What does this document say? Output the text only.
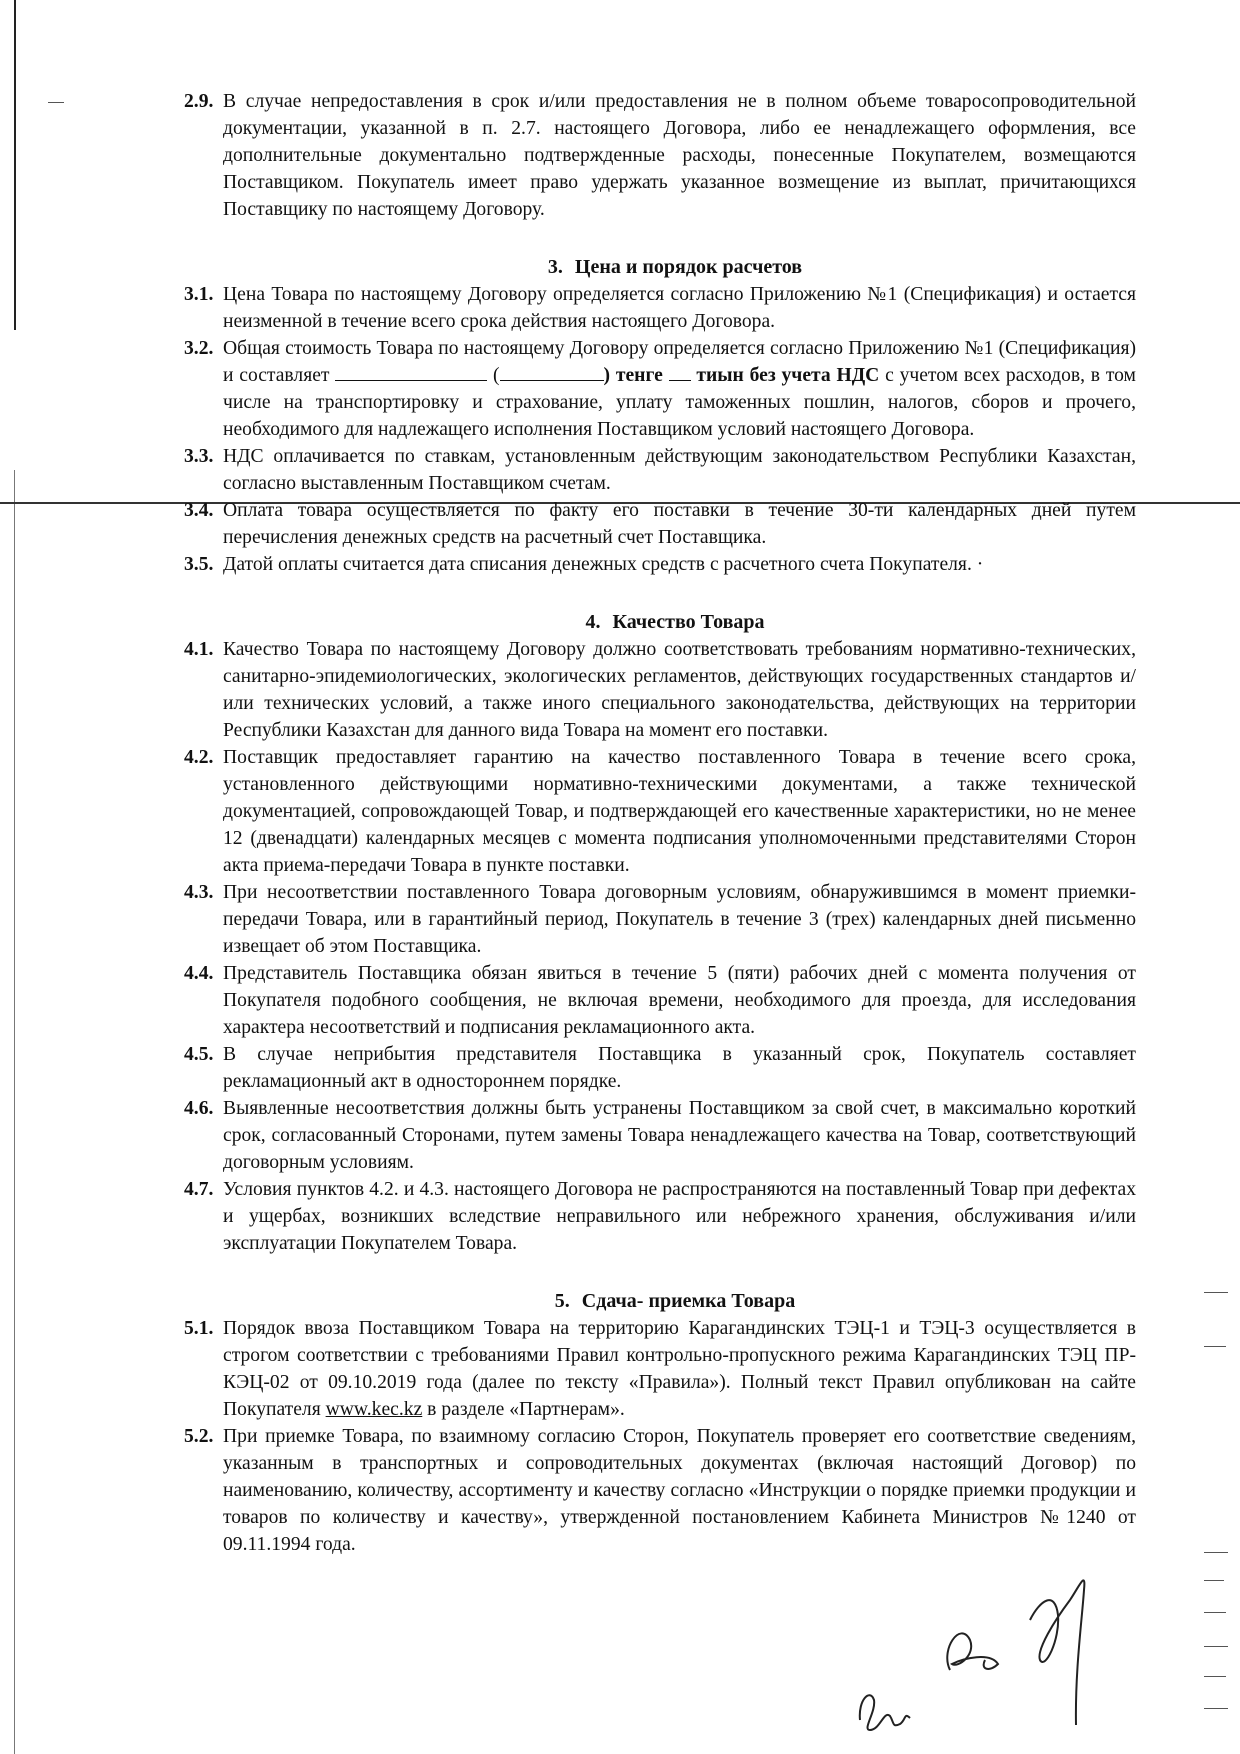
2.9. В случае непредоставления в срок и/или предоставления не в полном объеме товаросопроводительной документации, указанной в п. 2.7. настоящего Договора, либо ее ненадлежащего оформления, все дополнительные документально подтвержденные расходы, понесенные Покупателем, возмещаются Поставщиком. Покупатель имеет право удержать указанное возмещение из выплат, причитающихся Поставщику по настоящему Договору.
3. Цена и порядок расчетов
3.1. Цена Товара по настоящему Договору определяется согласно Приложению №1 (Спецификация) и остается неизменной в течение всего срока действия настоящего Договора.
3.2. Общая стоимость Товара по настоящему Договору определяется согласно Приложению №1 (Спецификация) и составляет	(	) тенге  тиын без учета НДС с учетом всех расходов, в том числе на транспортировку и страхование, уплату таможенных пошлин, налогов, сборов и прочего, необходимого для надлежащего исполнения Поставщиком условий настоящего Договора.
3.3. НДС оплачивается по ставкам, установленным действующим законодательством Республики Казахстан, согласно выставленным Поставщиком счетам.
3.4. Оплата товара осуществляется по факту его поставки в течение 30-ти календарных дней путем перечисления денежных средств на расчетный счет Поставщика.
3.5. Датой оплаты считается дата списания денежных средств с расчетного счета Покупателя. ·
4. Качество Товара
4.1. Качество Товара по настоящему Договору должно соответствовать требованиям нормативно-технических, санитарно-эпидемиологических, экологических регламентов, действующих государственных стандартов и/или технических условий, а также иного специального законодательства, действующих на территории Республики Казахстан для данного вида Товара на момент его поставки.
4.2. Поставщик предоставляет гарантию на качество поставленного Товара в течение всего срока, установленного действующими нормативно-техническими документами, а также технической документацией, сопровождающей Товар, и подтверждающей его качественные характеристики, но не менее 12 (двенадцати) календарных месяцев с момента подписания уполномоченными представителями Сторон акта приема-передачи Товара в пункте поставки.
4.3. При несоответствии поставленного Товара договорным условиям, обнаружившимся в момент приемки-передачи Товара, или в гарантийный период, Покупатель в течение 3 (трех) календарных дней письменно извещает об этом Поставщика.
4.4. Представитель Поставщика обязан явиться в течение 5 (пяти) рабочих дней с момента получения от Покупателя подобного сообщения, не включая времени, необходимого для проезда, для исследования характера несоответствий и подписания рекламационного акта.
4.5. В случае неприбытия представителя Поставщика в указанный срок, Покупатель составляет рекламационный акт в одностороннем порядке.
4.6. Выявленные несоответствия должны быть устранены Поставщиком за свой счет, в максимально короткий срок, согласованный Сторонами, путем замены Товара ненадлежащего качества на Товар, соответствующий договорным условиям.
4.7. Условия пунктов 4.2. и 4.3. настоящего Договора не распространяются на поставленный Товар при дефектах и ущербах, возникших вследствие неправильного или небрежного хранения, обслуживания и/или эксплуатации Покупателем Товара.
5. Сдача- приемка Товара
5.1. Порядок ввоза Поставщиком Товара на территорию Карагандинских ТЭЦ-1 и ТЭЦ-3 осуществляется в строгом соответствии с требованиями Правил контрольно-пропускного режима Карагандинских ТЭЦ ПР-КЭЦ-02 от 09.10.2019 года (далее по тексту «Правила»). Полный текст Правил опубликован на сайте Покупателя www.kec.kz в разделе «Партнерам».
5.2. При приемке Товара, по взаимному согласию Сторон, Покупатель проверяет его соответствие сведениям, указанным в транспортных и сопроводительных документах (включая настоящий Договор) по наименованию, количеству, ассортименту и качеству согласно «Инструкции о порядке приемки продукции и товаров по количеству и качеству», утвержденной постановлением Кабинета Министров №1240 от 09.11.1994 года.
